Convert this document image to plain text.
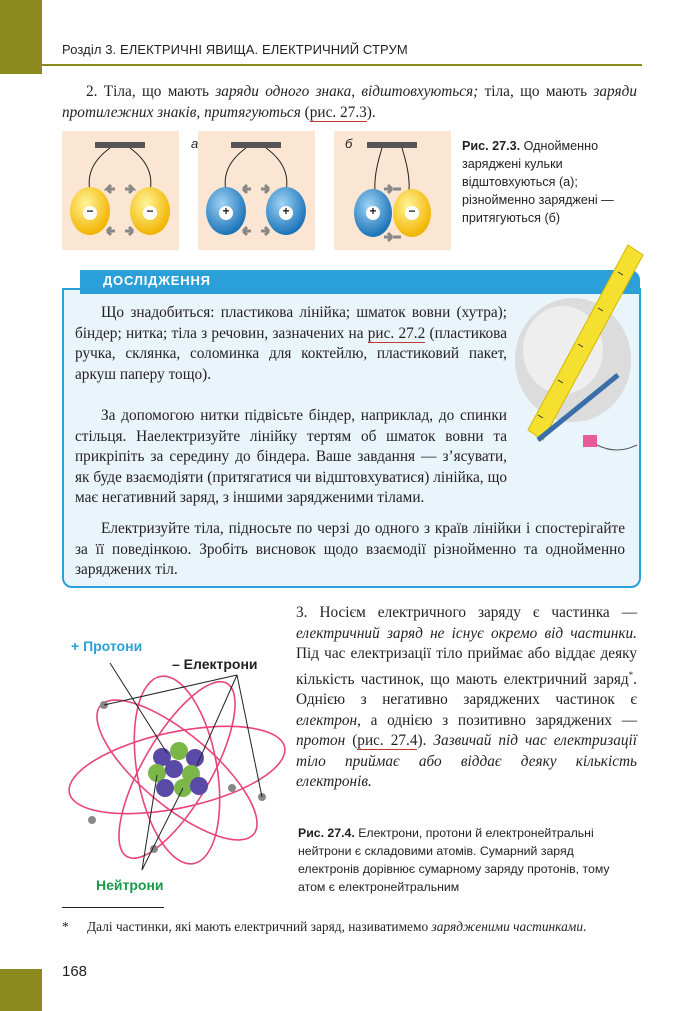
Розділ 3. ЕЛЕКТРИЧНІ ЯВИЩА. ЕЛЕКТРИЧНИЙ СТРУМ
2. Тіла, що мають заряди одного знака, відштовхуються; тіла, що мають заряди протилежних знаків, притягуються (рис. 27.3).
−	−	+	+	+	−
а	б	Рис. 27.3. Однойменно заряджені кульки відштовхуються (а); різнойменно заряджені — притягуються (б)
ДОСЛІДЖЕННЯ
Що знадобиться: пластикова лінійка; шматок вовни (хутра); біндер; нитка; тіла з речовин, зазначених на рис. 27.2 (пластикова ручка, склянка, соломинка для коктейлю, пластиковий пакет, аркуш паперу тощо).
За допомогою нитки підвісьте біндер, наприклад, до спинки стільця. Наелектризуйте лінійку тертям об шматок вовни та прикріпіть за середину до біндера. Ваше завдання — з’ясувати, як буде взаємодіяти (притягатися чи відштовхуватися) лінійка, що має негативний заряд, з іншими зарядженими тілами.
Електризуйте тіла, підносьте по черзі до одного з країв лінійки і спостерігайте за її поведінкою. Зробіть висновок щодо взаємодії різнойменно та однойменно заряджених тіл.
+ Протони
– Електрони
Нейтрони
3. Носієм електричного заряду є частинка — електричний заряд не існує окремо від частинки. Під час електризації тіло приймає або віддає деяку кількість частинок, що мають електричний заряд*. Однією з негативно заряджених частинок є електрон, а однією з позитивно заряджених — протон (рис. 27.4). Зазвичай під час електризації тіло приймає або віддає деяку кількість електронів.
Рис. 27.4. Електрони, протони й електронейтральні нейтрони є складовими атомів. Сумарний заряд електронів дорівнює сумарному заряду протонів, тому атом є електронейтральним
* Далі частинки, які мають електричний заряд, називатимемо зарядженими частинками.
168
